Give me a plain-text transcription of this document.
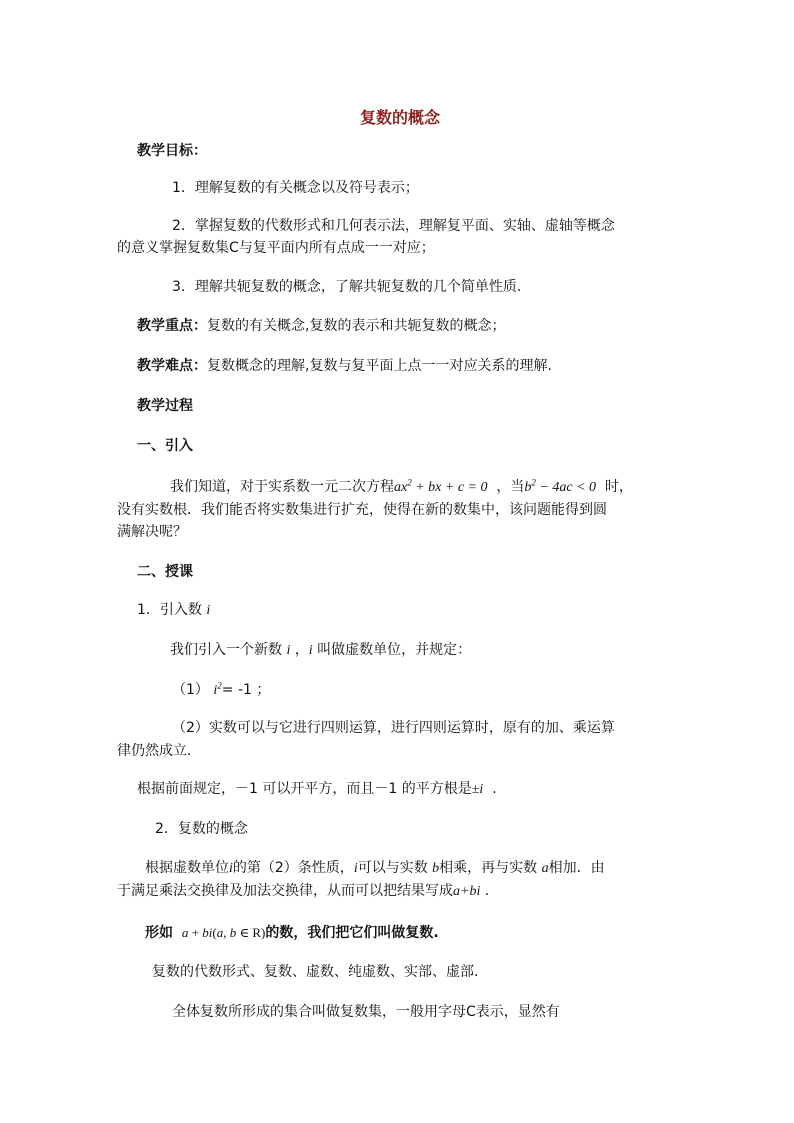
复数的概念
教学目标：
1．理解复数的有关概念以及符号表示；
2．掌握复数的代数形式和几何表示法，理解复平面、实轴、虚轴等概念
的意义掌握复数集C与复平面内所有点成一一对应；
3．理解共轭复数的概念，了解共轭复数的几个简单性质.
教学重点：复数的有关概念,复数的表示和共轭复数的概念；
教学难点：复数概念的理解,复数与复平面上点一一对应关系的理解.
教学过程
一、引入
我们知道，对于实系数一元二次方程$ax^2$ + bx + c = 0 ，当$b^2 - 4ac < 0$ 时，
没有实数根．我们能否将实数集进行扩充，使得在新的数集中，该问题能得到圆
满解决呢？
二、授课
1．引入数 i
我们引入一个新数 i ，i 叫做虚数单位，并规定：
（1） $i^2= -1$ ；
（2）实数可以与它进行四则运算，进行四则运算时，原有的加、乘运算
律仍然成立.
根据前面规定，－1 可以开平方，而且－1 的平方根是±i .
2．复数的概念
根据虚数单位i的第（2）条性质，i可以与实数 b相乘，再与实数 a相加．由
于满足乘法交换律及加法交换律，从而可以把结果写成a+bi .
形如 a + bi(a, b ∈ R)的数，我们把它们叫做复数.
复数的代数形式、复数、虚数、纯虚数、实部、虚部.
全体复数所形成的集合叫做复数集，一般用字母C表示，显然有
